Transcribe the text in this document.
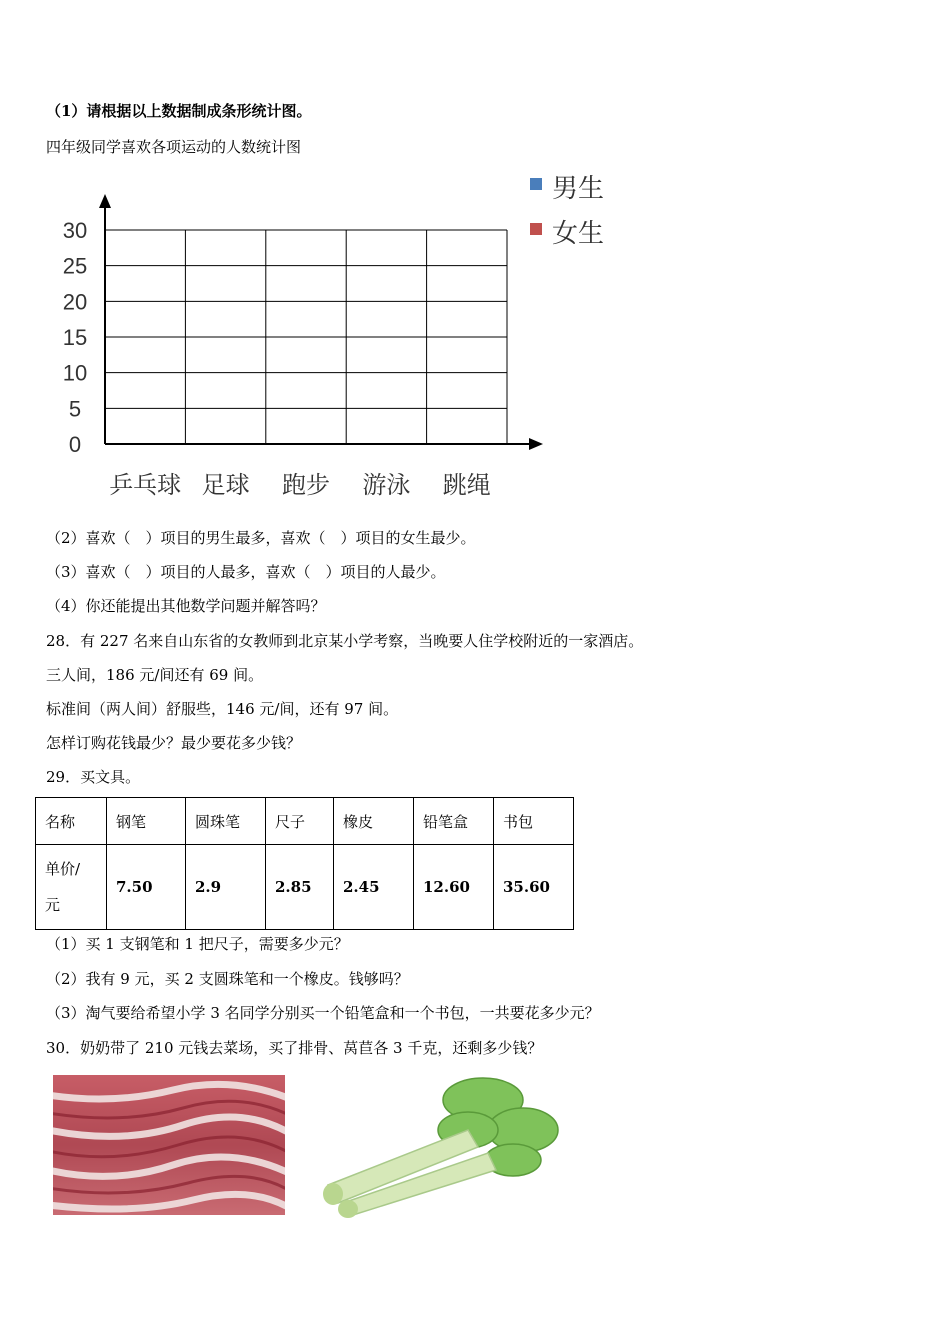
（1）请根据以上数据制成条形统计图。
四年级同学喜欢各项运动的人数统计图
0
5
10
15
20
25
30
乒乓球 足球 跑步 游泳 跳绳
男生
女生
（2）喜欢（　）项目的男生最多，喜欢（　）项目的女生最少。
（3）喜欢（　）项目的人最多，喜欢（　）项目的人最少。
（4）你还能提出其他数学问题并解答吗？
28．有 227 名来自山东省的女教师到北京某小学考察，当晚要人住学校附近的一家酒店。
三人间，186 元/间还有 69 间。
标准间（两人间）舒服些，146 元/间，还有 97 间。
怎样订购花钱最少？最少要花多少钱？
29．买文具。
名称	钢笔	圆珠笔	尺子	橡皮	铅笔盒	书包

单价/
元	7.50	2.9	2.85	2.45	12.60	35.60
（1）买 1 支钢笔和 1 把尺子，需要多少元？
（2）我有 9 元，买 2 支圆珠笔和一个橡皮。钱够吗？
（3）淘气要给希望小学 3 名同学分别买一个铅笔盒和一个书包，一共要花多少元？
30．奶奶带了 210 元钱去菜场，买了排骨、莴苣各 3 千克，还剩多少钱？
